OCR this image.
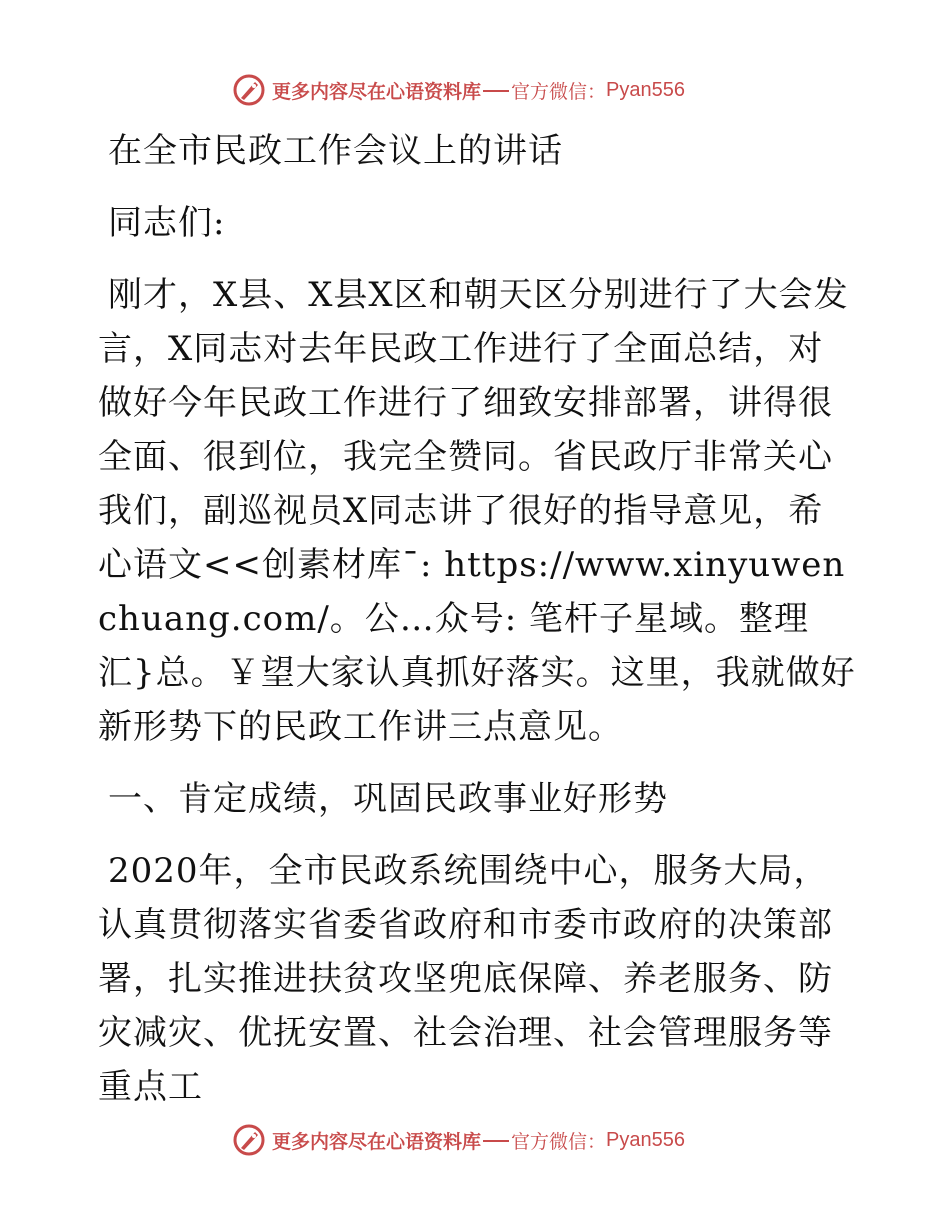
更多内容尽在心语资料库 官方微信： Pyan556

在全市民政工作会议上的讲话

同志们:

刚才，X县、X县X区和朝天区分别进行了大会发言，X同志对去年民政工作进行了全面总结，对做好今年民政工作进行了细致安排部署，讲得很全面、很到位，我完全赞同。省民政厅非常关心我们，副巡视员X同志讲了很好的指导意见，希心语文<<创素材库¯: https://www.xinyuwenchuang.com/。公…众号: 笔杆子星域。整理汇}总。￥望大家认真抓好落实。这里，我就做好新形势下的民政工作讲三点意见。

一、肯定成绩，巩固民政事业好形势

2020年，全市民政系统围绕中心，服务大局，认真贯彻落实省委省政府和市委市政府的决策部署，扎实推进扶贫攻坚兜底保障、养老服务、防灾减灾、优抚安置、社会治理、社会管理服务等重点工

更多内容尽在心语资料库 官方微信： Pyan556
